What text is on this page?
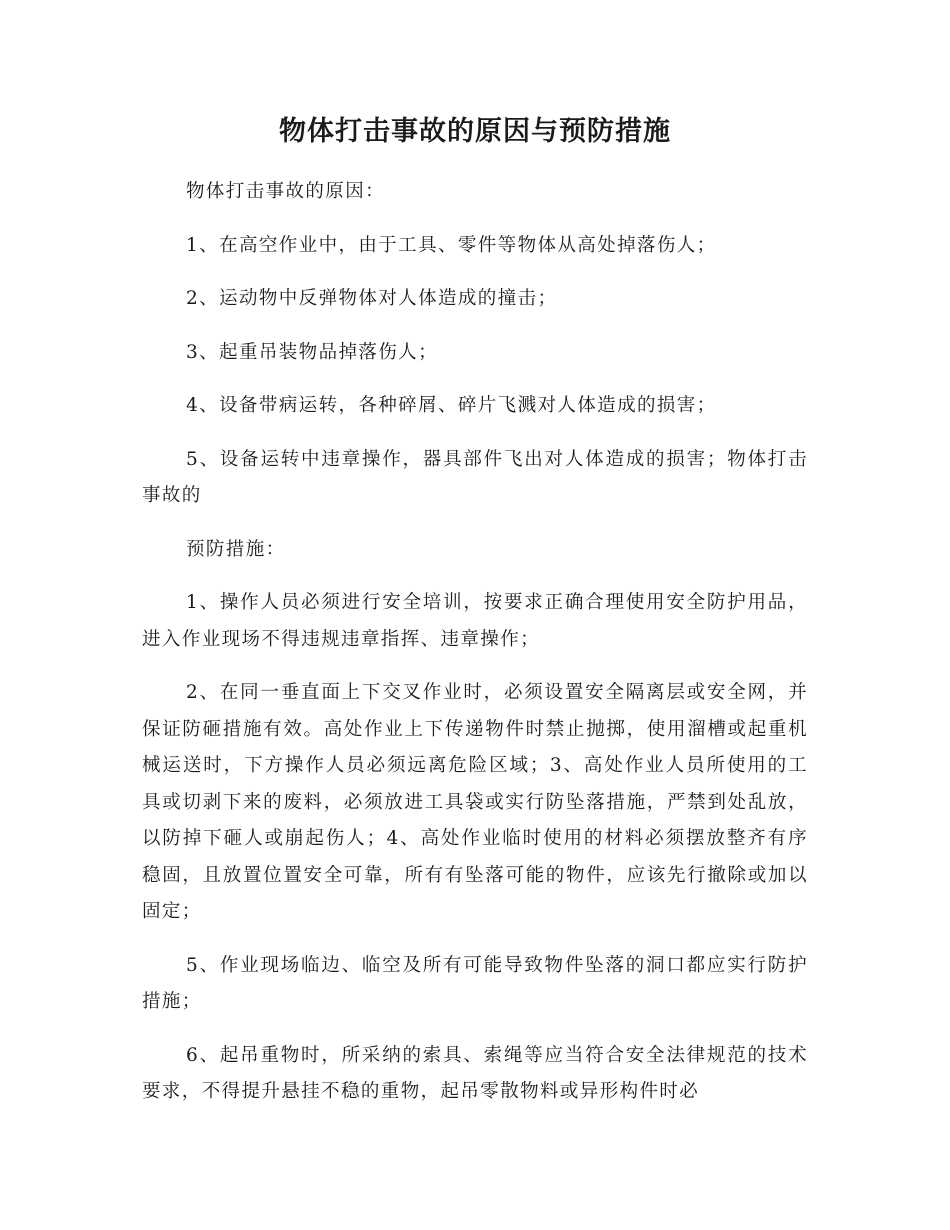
物体打击事故的原因与预防措施

物体打击事故的原因：

1、在高空作业中，由于工具、零件等物体从高处掉落伤人；

2、运动物中反弹物体对人体造成的撞击；

3、起重吊装物品掉落伤人；

4、设备带病运转，各种碎屑、碎片飞溅对人体造成的损害；

5、设备运转中违章操作，器具部件飞出对人体造成的损害；物体打击事故的

预防措施：

1、操作人员必须进行安全培训，按要求正确合理使用安全防护用品，进入作业现场不得违规违章指挥、违章操作；

2、在同一垂直面上下交叉作业时，必须设置安全隔离层或安全网，并保证防砸措施有效。高处作业上下传递物件时禁止抛掷，使用溜槽或起重机械运送时，下方操作人员必须远离危险区域；3、高处作业人员所使用的工具或切剥下来的废料，必须放进工具袋或实行防坠落措施，严禁到处乱放，以防掉下砸人或崩起伤人；4、高处作业临时使用的材料必须摆放整齐有序稳固，且放置位置安全可靠，所有有坠落可能的物件，应该先行撤除或加以固定；

5、作业现场临边、临空及所有可能导致物件坠落的洞口都应实行防护措施；

6、起吊重物时，所采纳的索具、索绳等应当符合安全法律规范的技术要求，不得提升悬挂不稳的重物，起吊零散物料或异形构件时必
